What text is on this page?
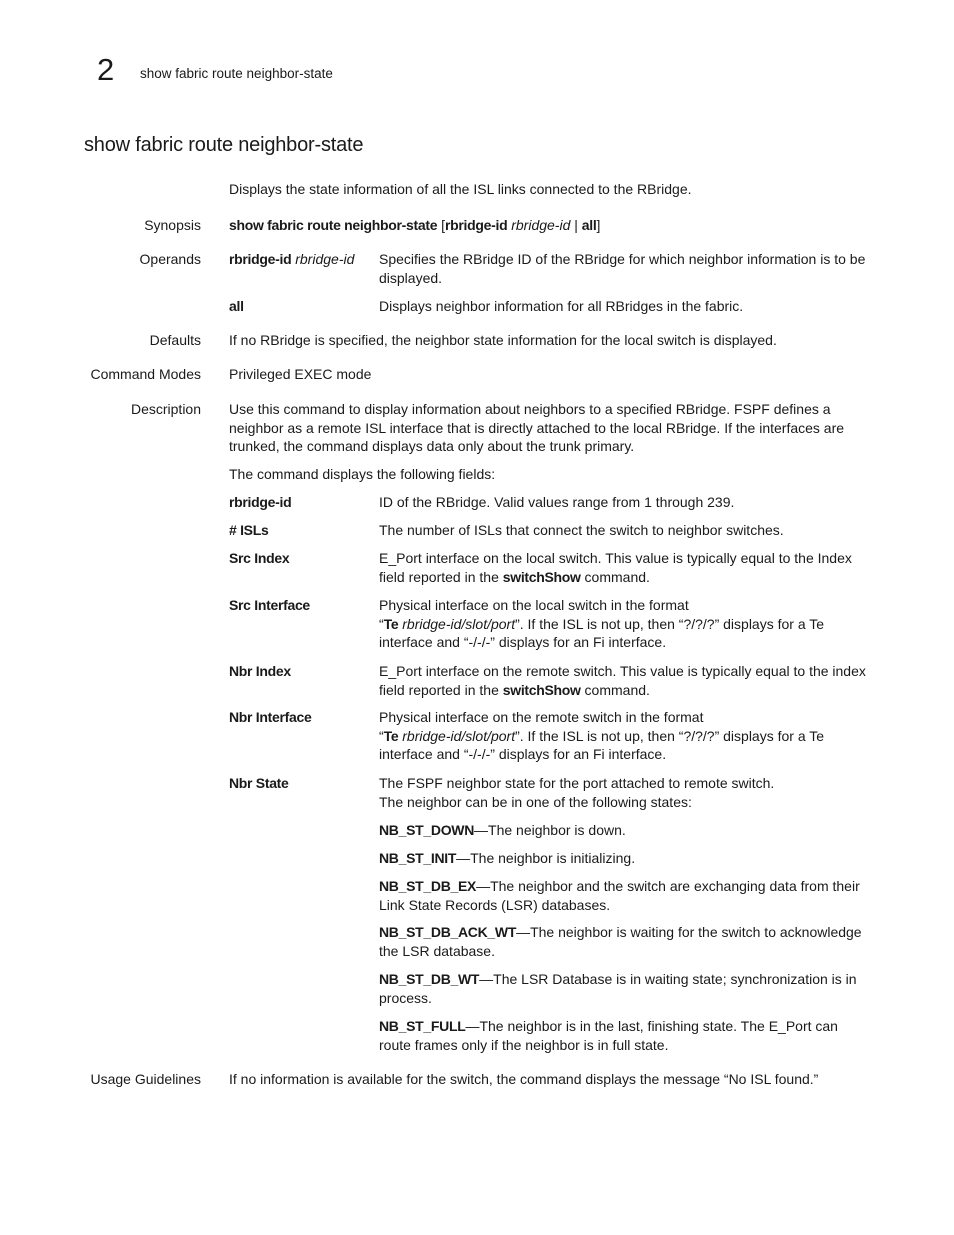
2 show fabric route neighbor-state
show fabric route neighbor-state
Displays the state information of all the ISL links connected to the RBridge.
Synopsis show fabric route neighbor-state [rbridge-id rbridge-id | all]
Operands rbridge-id rbridge-id	Specifies the RBridge ID of the RBridge for which neighbor information is to be displayed.
all	Displays neighbor information for all RBridges in the fabric.
Defaults If no RBridge is specified, the neighbor state information for the local switch is displayed.
Command Modes Privileged EXEC mode
Description Use this command to display information about neighbors to a specified RBridge. FSPF defines a neighbor as a remote ISL interface that is directly attached to the local RBridge. If the interfaces are trunked, the command displays data only about the trunk primary.
The command displays the following fields:
rbridge-id	ID of the RBridge. Valid values range from 1 through 239.
# ISLs	The number of ISLs that connect the switch to neighbor switches.
Src Index	E_Port interface on the local switch. This value is typically equal to the Index field reported in the switchShow command.
Src Interface	Physical interface on the local switch in the format
“Te rbridge-id/slot/port”. If the ISL is not up, then “?/?/?” displays for a Te interface and “-/-/-” displays for an Fi interface.
Nbr Index	E_Port interface on the remote switch. This value is typically equal to the index field reported in the switchShow command.
Nbr Interface	Physical interface on the remote switch in the format
“Te rbridge-id/slot/port”. If the ISL is not up, then “?/?/?” displays for a Te interface and “-/-/-” displays for an Fi interface.
Nbr State	The FSPF neighbor state for the port attached to remote switch.
The neighbor can be in one of the following states:
NB_ST_DOWN—The neighbor is down.
NB_ST_INIT—The neighbor is initializing.
NB_ST_DB_EX—The neighbor and the switch are exchanging data from their Link State Records (LSR) databases.
NB_ST_DB_ACK_WT—The neighbor is waiting for the switch to acknowledge the LSR database.
NB_ST_DB_WT—The LSR Database is in waiting state; synchronization is in process.
NB_ST_FULL—The neighbor is in the last, finishing state. The E_Port can route frames only if the neighbor is in full state.
Usage Guidelines If no information is available for the switch, the command displays the message “No ISL found.”
